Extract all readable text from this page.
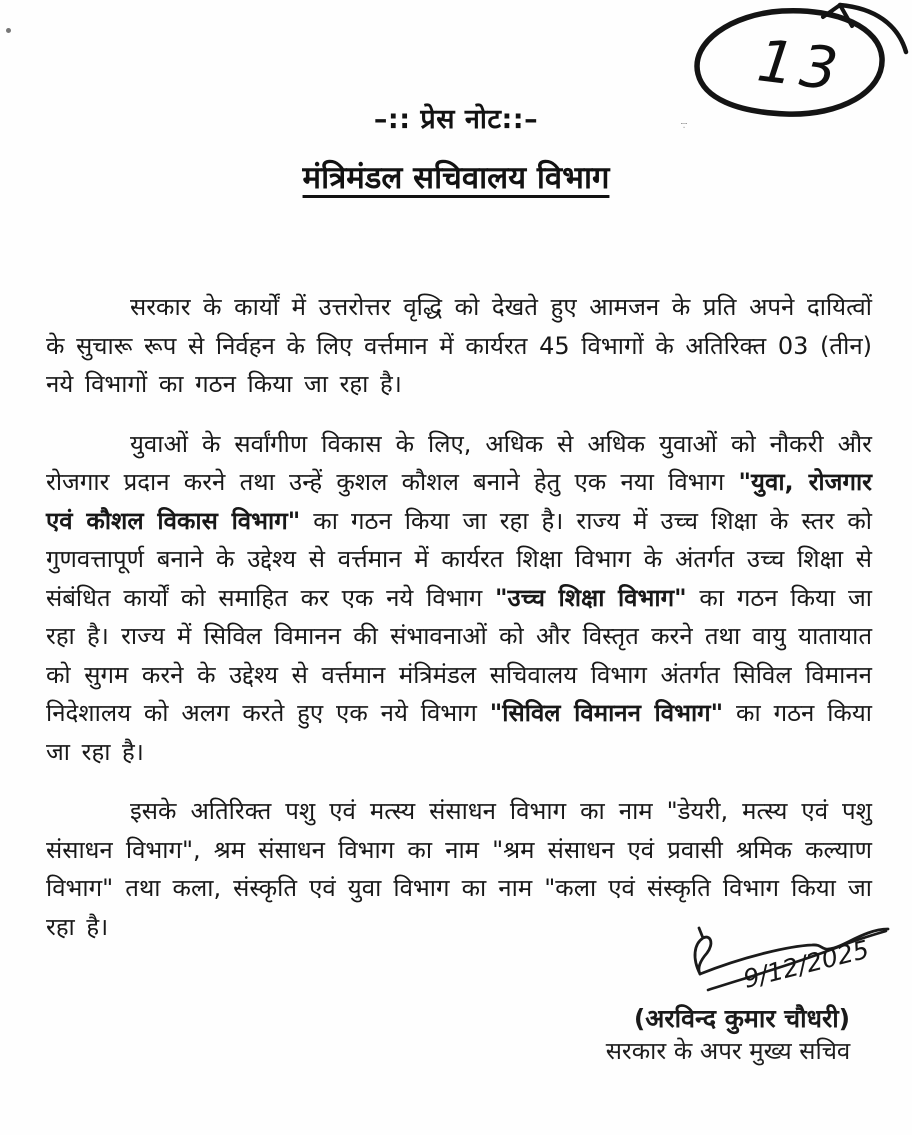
13
⁞·
–:: प्रेस नोट::–
मंत्रिमंडल सचिवालय विभाग

सरकार के कार्यों में उत्तरोत्तर वृद्धि को देखते हुए आमजन के प्रति अपने दायित्वों के सुचारू रूप से निर्वहन के लिए वर्त्तमान में कार्यरत 45 विभागों के अतिरिक्त 03 (तीन) नये विभागों का गठन किया जा रहा है।

युवाओं के सर्वांगीण विकास के लिए, अधिक से अधिक युवाओं को नौकरी और रोजगार प्रदान करने तथा उन्हें कुशल कौशल बनाने हेतु एक नया विभाग "युवा, रोजगार एवं कौशल विकास विभाग" का गठन किया जा रहा है। राज्य में उच्च शिक्षा के स्तर को गुणवत्तापूर्ण बनाने के उद्देश्य से वर्त्तमान में कार्यरत शिक्षा विभाग के अंतर्गत उच्च शिक्षा से संबंधित कार्यों को समाहित कर एक नये विभाग "उच्च शिक्षा विभाग" का गठन किया जा रहा है। राज्य में सिविल विमानन की संभावनाओं को और विस्तृत करने तथा वायु यातायात को सुगम करने के उद्देश्य से वर्त्तमान मंत्रिमंडल सचिवालय विभाग अंतर्गत सिविल विमानन निदेशालय को अलग करते हुए एक नये विभाग "सिविल विमानन विभाग" का गठन किया जा रहा है।

इसके अतिरिक्त पशु एवं मत्स्य संसाधन विभाग का नाम "डेयरी, मत्स्य एवं पशु संसाधन विभाग", श्रम संसाधन विभाग का नाम "श्रम संसाधन एवं प्रवासी श्रमिक कल्याण विभाग" तथा कला, संस्कृति एवं युवा विभाग का नाम "कला एवं संस्कृति विभाग किया जा रहा है।

9/12/2025
(अरविन्द कुमार चौधरी)
सरकार के अपर मुख्य सचिव
